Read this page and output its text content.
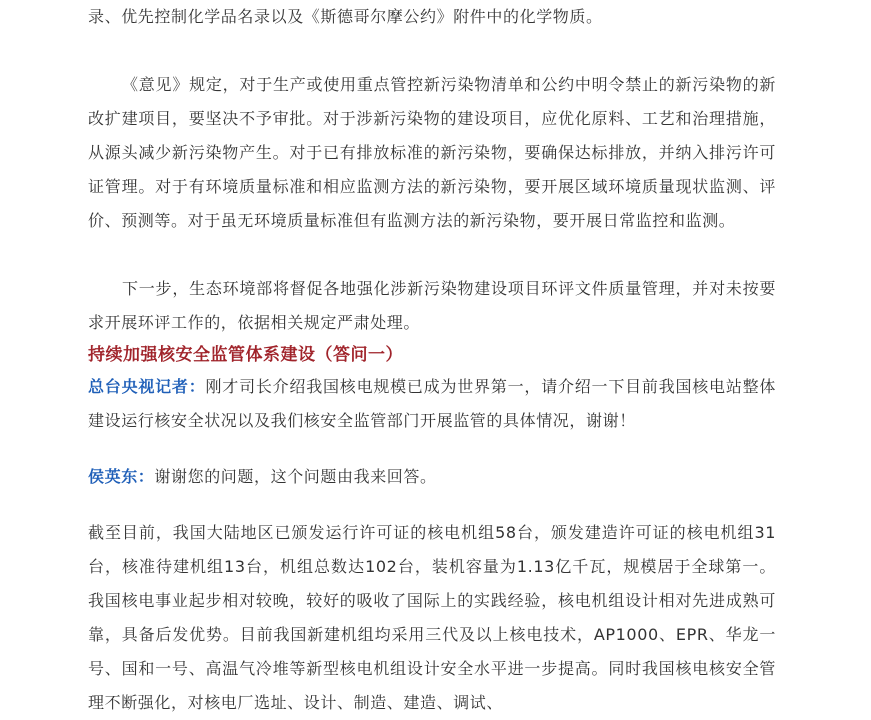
录、优先控制化学品名录以及《斯德哥尔摩公约》附件中的化学物质。

《意见》规定，对于生产或使用重点管控新污染物清单和公约中明令禁止的新污染物的新改扩建项目，要坚决不予审批。对于涉新污染物的建设项目，应优化原料、工艺和治理措施，从源头减少新污染物产生。对于已有排放标准的新污染物，要确保达标排放，并纳入排污许可证管理。对于有环境质量标准和相应监测方法的新污染物，要开展区域环境质量现状监测、评价、预测等。对于虽无环境质量标准但有监测方法的新污染物，要开展日常监控和监测。

下一步，生态环境部将督促各地强化涉新污染物建设项目环评文件质量管理，并对未按要求开展环评工作的，依据相关规定严肃处理。

持续加强核安全监管体系建设（答问一）

总台央视记者：刚才司长介绍我国核电规模已成为世界第一，请介绍一下目前我国核电站整体建设运行核安全状况以及我们核安全监管部门开展监管的具体情况，谢谢！

侯英东：谢谢您的问题，这个问题由我来回答。

截至目前，我国大陆地区已颁发运行许可证的核电机组58台，颁发建造许可证的核电机组31台，核准待建机组13台，机组总数达102台，装机容量为1.13亿千瓦，规模居于全球第一。我国核电事业起步相对较晚，较好的吸收了国际上的实践经验，核电机组设计相对先进成熟可靠，具备后发优势。目前我国新建机组均采用三代及以上核电技术，AP1000、EPR、华龙一号、国和一号、高温气冷堆等新型核电机组设计安全水平进一步提高。同时我国核电核安全管理不断强化，对核电厂选址、设计、制造、建造、调试、
